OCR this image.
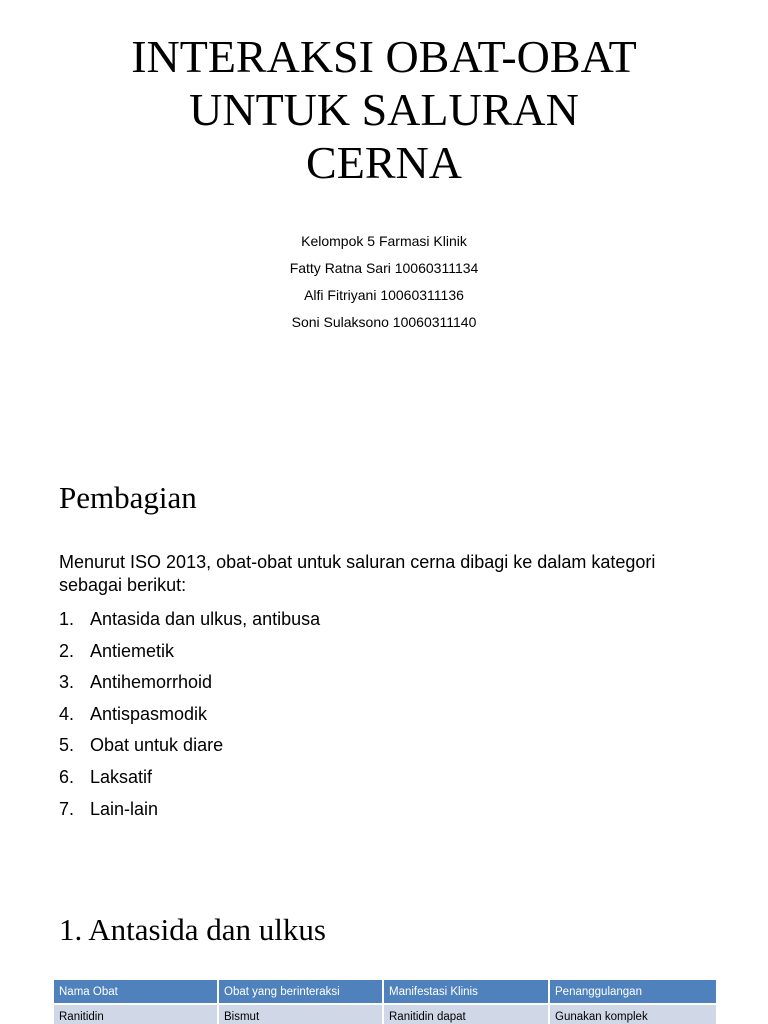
INTERAKSI OBAT-OBAT
UNTUK SALURAN
CERNA
Kelompok 5 Farmasi Klinik
Fatty Ratna Sari 10060311134
Alfi Fitriyani 10060311136
Soni Sulaksono 10060311140
Pembagian
Menurut ISO 2013, obat-obat untuk saluran cerna dibagi ke dalam kategori sebagai berikut:
1. Antasida dan ulkus, antibusa
2. Antiemetik
3. Antihemorrhoid
4. Antispasmodik
5. Obat untuk diare
6. Laksatif
7. Lain-lain
1. Antasida dan ulkus
Nama Obat	Obat yang berinteraksi	Manifestasi Klinis	Penanggulangan
Ranitidin	Bismut	Ranitidin dapat	Gunakan komplek
